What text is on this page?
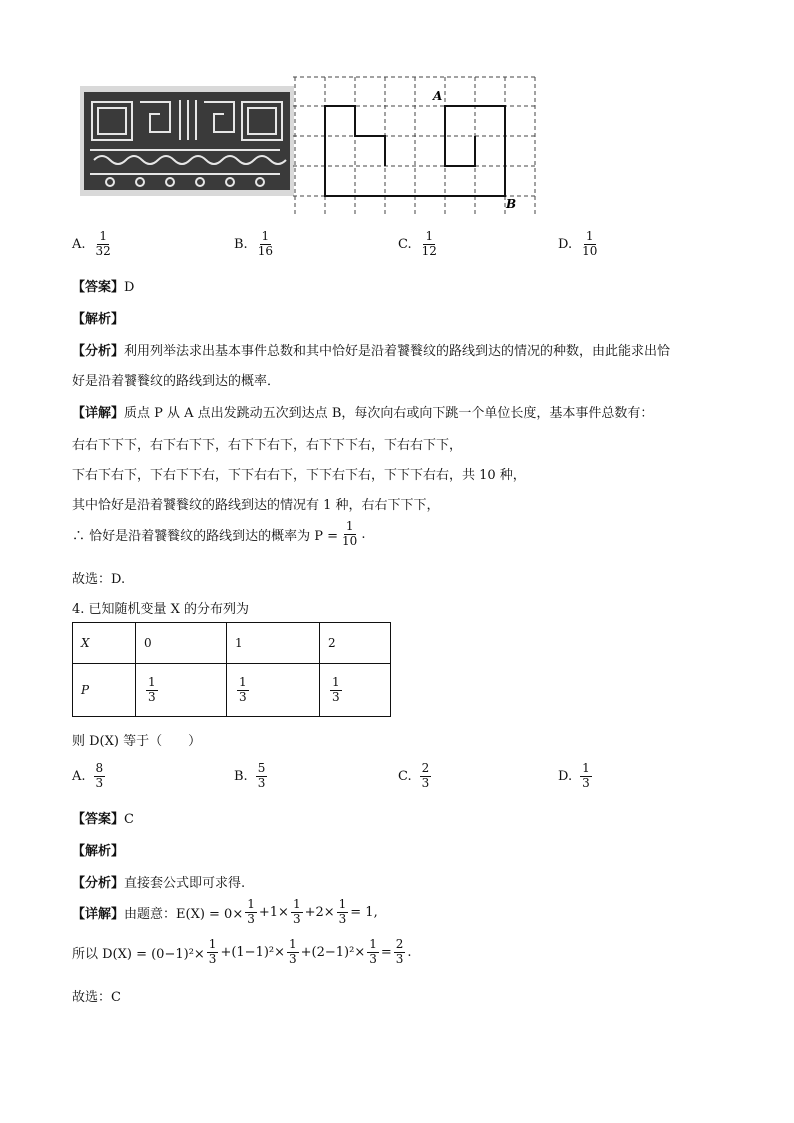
A
B
A. $\frac{1}{32}$	B. $\frac{1}{16}$	C. $\frac{1}{12}$	D. $\frac{1}{10}$
【答案】D
【解析】
【分析】利用列举法求出基本事件总数和其中恰好是沿着饕餮纹的路线到达的情况的种数，由此能求出恰
好是沿着饕餮纹的路线到达的概率．
【详解】质点 P 从 A 点出发跳动五次到达点 B，每次向右或向下跳一个单位长度，基本事件总数有：
右右下下下，右下右下下，右下下右下，右下下下右，下右右下下，
下右下右下，下右下下右，下下右右下，下下右下右，下下下右右，共 10 种，
其中恰好是沿着饕餮纹的路线到达的情况有 1 种，右右下下下，
∴ 恰好是沿着饕餮纹的路线到达的概率为 $P = \frac{1}{10}$ .
故选：D.
4. 已知随机变量 X 的分布列为
X	0	1	2
P	$\frac{1}{3}$	$\frac{1}{3}$	$\frac{1}{3}$
则 D(X) 等于（　　）
A. $\frac{8}{3}$	B. $\frac{5}{3}$	C. $\frac{2}{3}$	D. $\frac{1}{3}$
【答案】C
【解析】
【分析】直接套公式即可求得.
【详解】 由题意：$E(X) = 0\times \frac{1}{3} +1\times \frac{1}{3} +2\times \frac{1}{3} = 1$,
所以 $D(X) = (0-1)^2\times \frac{1}{3} +(1-1)^2\times \frac{1}{3} +(2-1)^2\times \frac{1}{3} = \frac{2}{3}$ .
故选：C
